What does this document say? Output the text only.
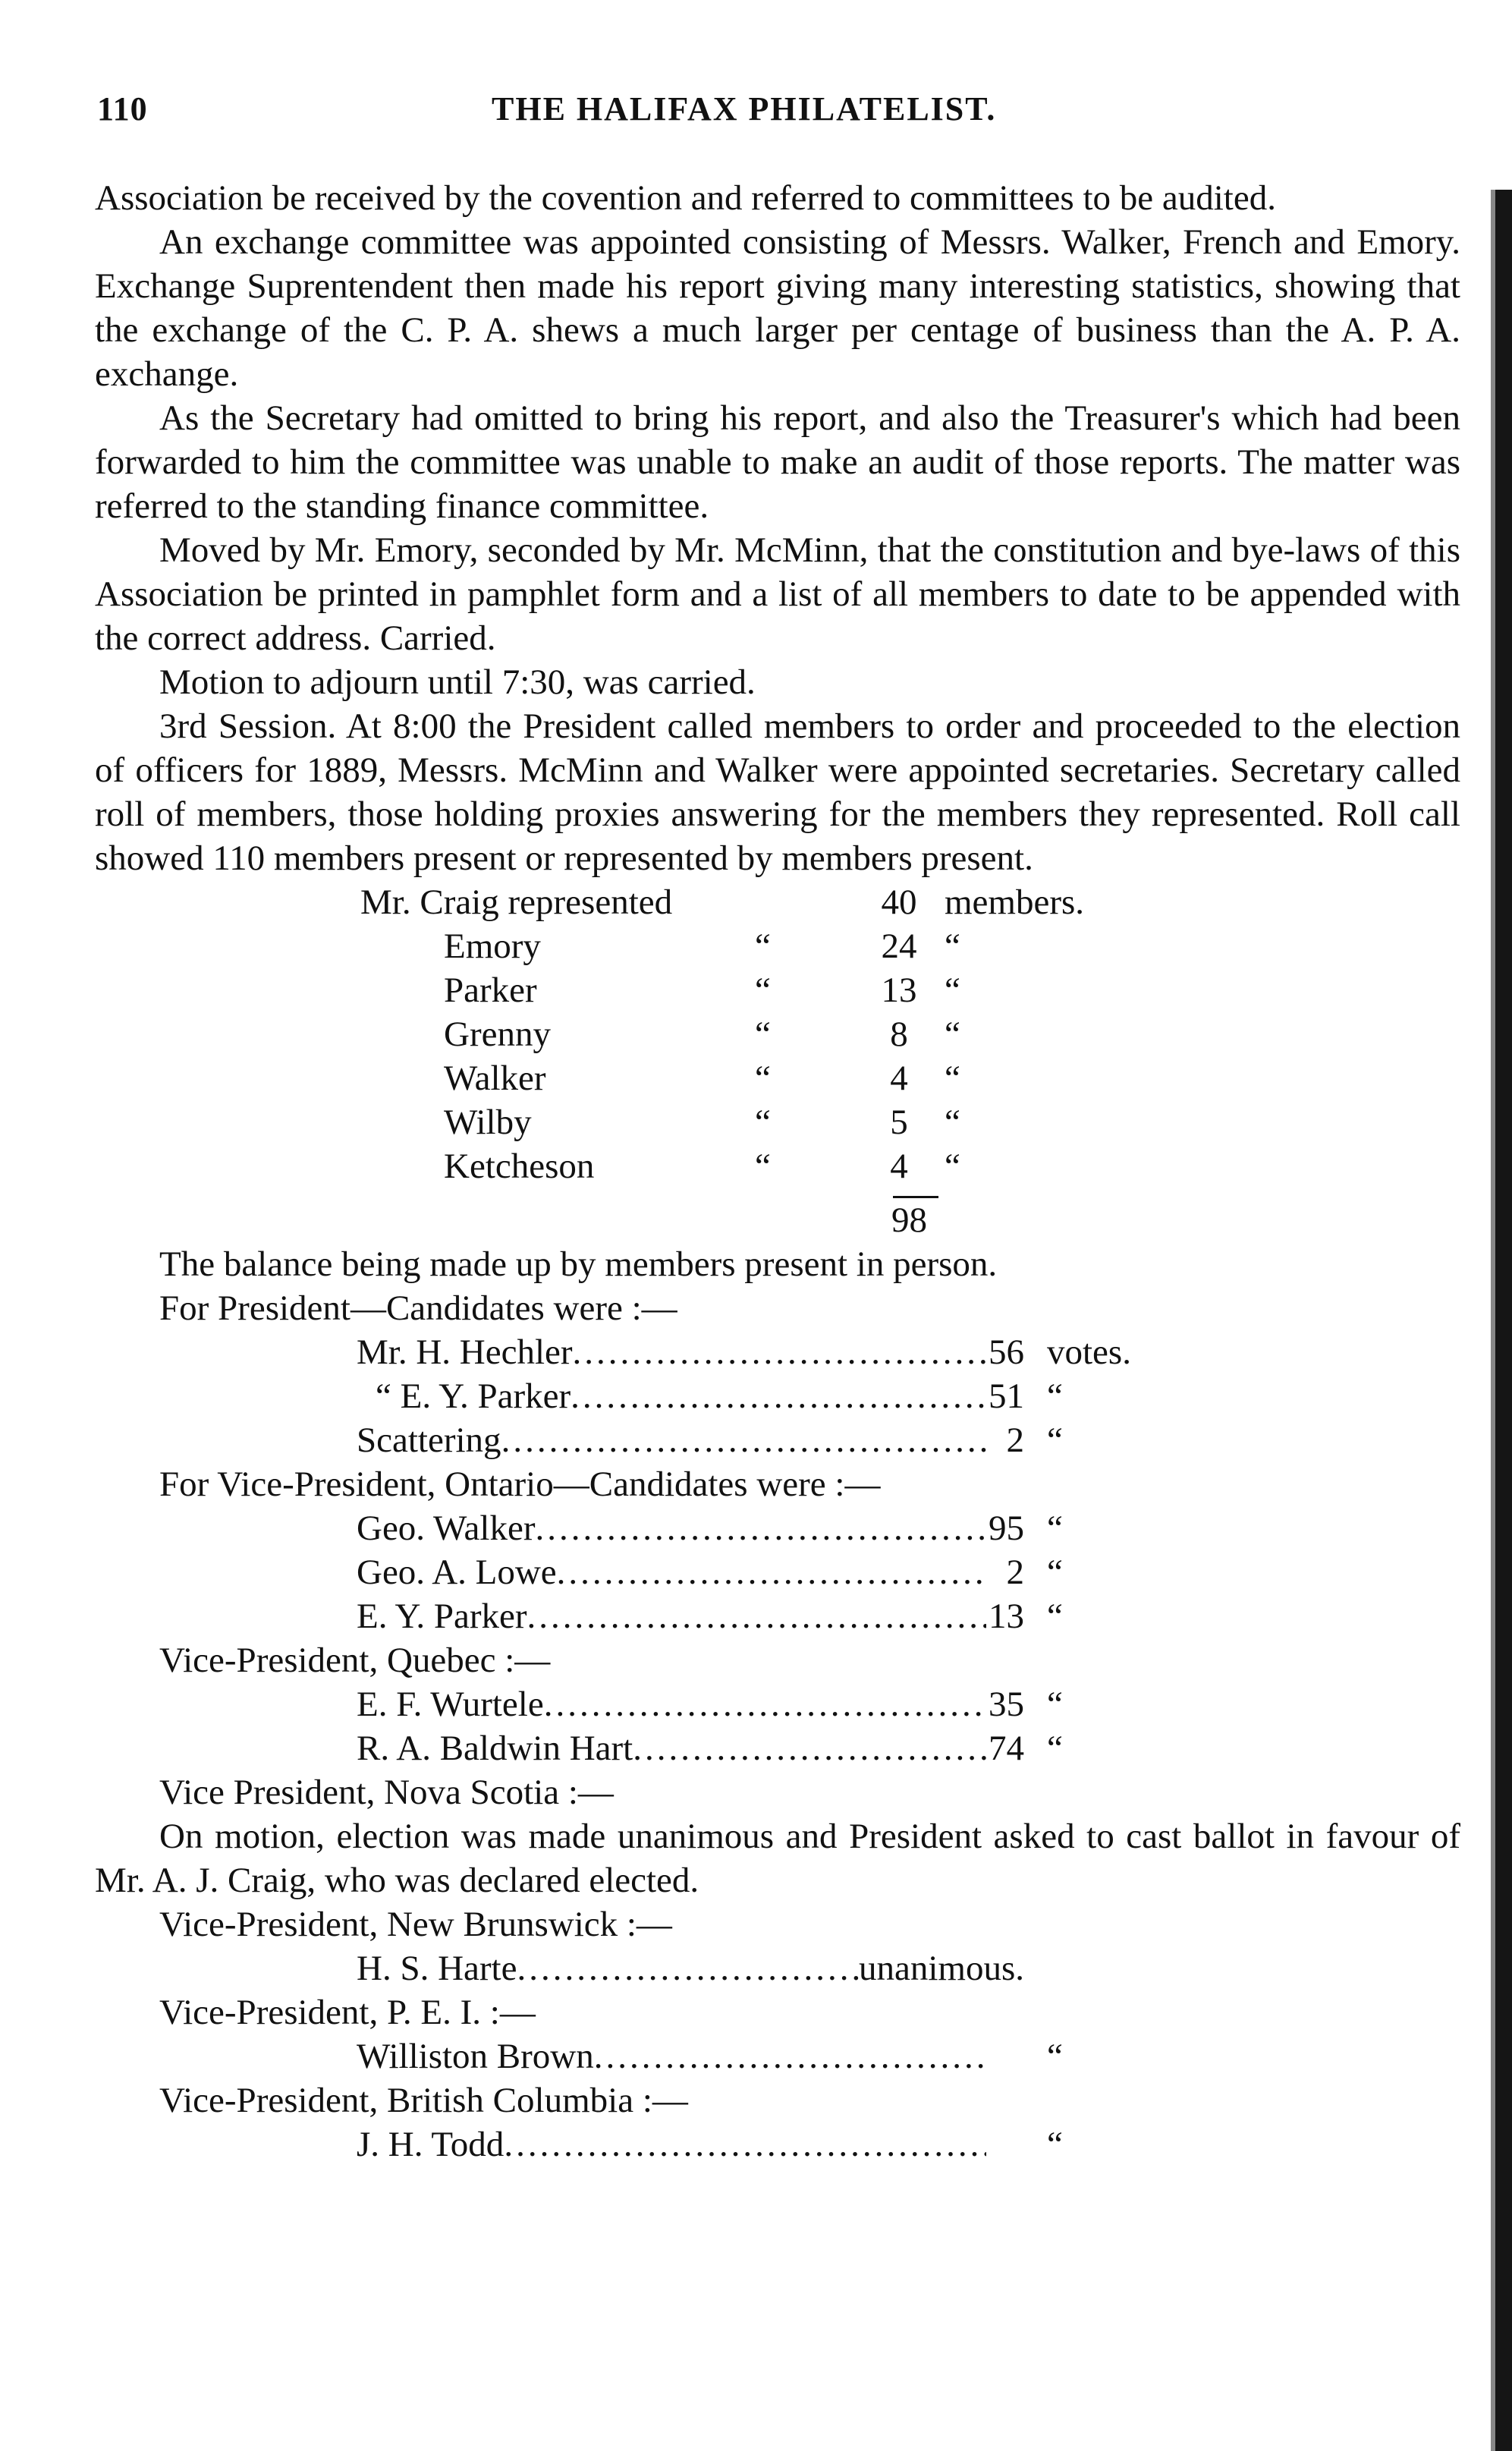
110	THE HALIFAX PHILATELIST.

Association be received by the covention and referred to committees to be audited.

An exchange committee was appointed consisting of Messrs. Walker, French and Emory. Exchange Suprentendent then made his report giving many interesting statistics, showing that the exchange of the C. P. A. shews a much larger per centage of business than the A. P. A. exchange.

As the Secretary had omitted to bring his report, and also the Treasurer's which had been forwarded to him the committee was unable to make an audit of those reports. The matter was referred to the standing finance committee.

Moved by Mr. Emory, seconded by Mr. McMinn, that the constitution and bye-laws of this Association be printed in pamphlet form and a list of all members to date to be appended with the correct address. Carried.

Motion to adjourn until 7:30, was carried.

3rd Session. At 8:00 the President called members to order and proceeded to the election of officers for 1889, Messrs. McMinn and Walker were appointed secretaries. Secretary called roll of members, those holding proxies answering for the members they represented. Roll call showed 110 members present or represented by members present.

Mr. Craig represented		40	members.
Emory	“	24	“
Parker	“	13	“
Grenny	“	8	“
Walker	“	4	“
Wilby	“	5	“
Ketcheson	“	4	“
98
The balance being made up by members present in person.
For President—Candidates were :—
Mr. H. Hechler .....	56 votes.
“ E. Y. Parker .....	51 “
Scattering .....	2 “
For Vice-President, Ontario—Candidates were :—
Geo. Walker .....	95 “
Geo. A. Lowe .....	2 “
E. Y. Parker .....	13 “
Vice-President, Quebec :—
E. F. Wurtele .....	35 “
R. A. Baldwin Hart .....	74 “
Vice President, Nova Scotia :—

On motion, election was made unanimous and President asked to cast ballot in favour of Mr. A. J. Craig, who was declared elected.

Vice-President, New Brunswick :—
H. S. Harte .....	unanimous.
Vice-President, P. E. I. :—
Williston Brown .....	“
Vice-President, British Columbia :—
J. H. Todd .....	“
